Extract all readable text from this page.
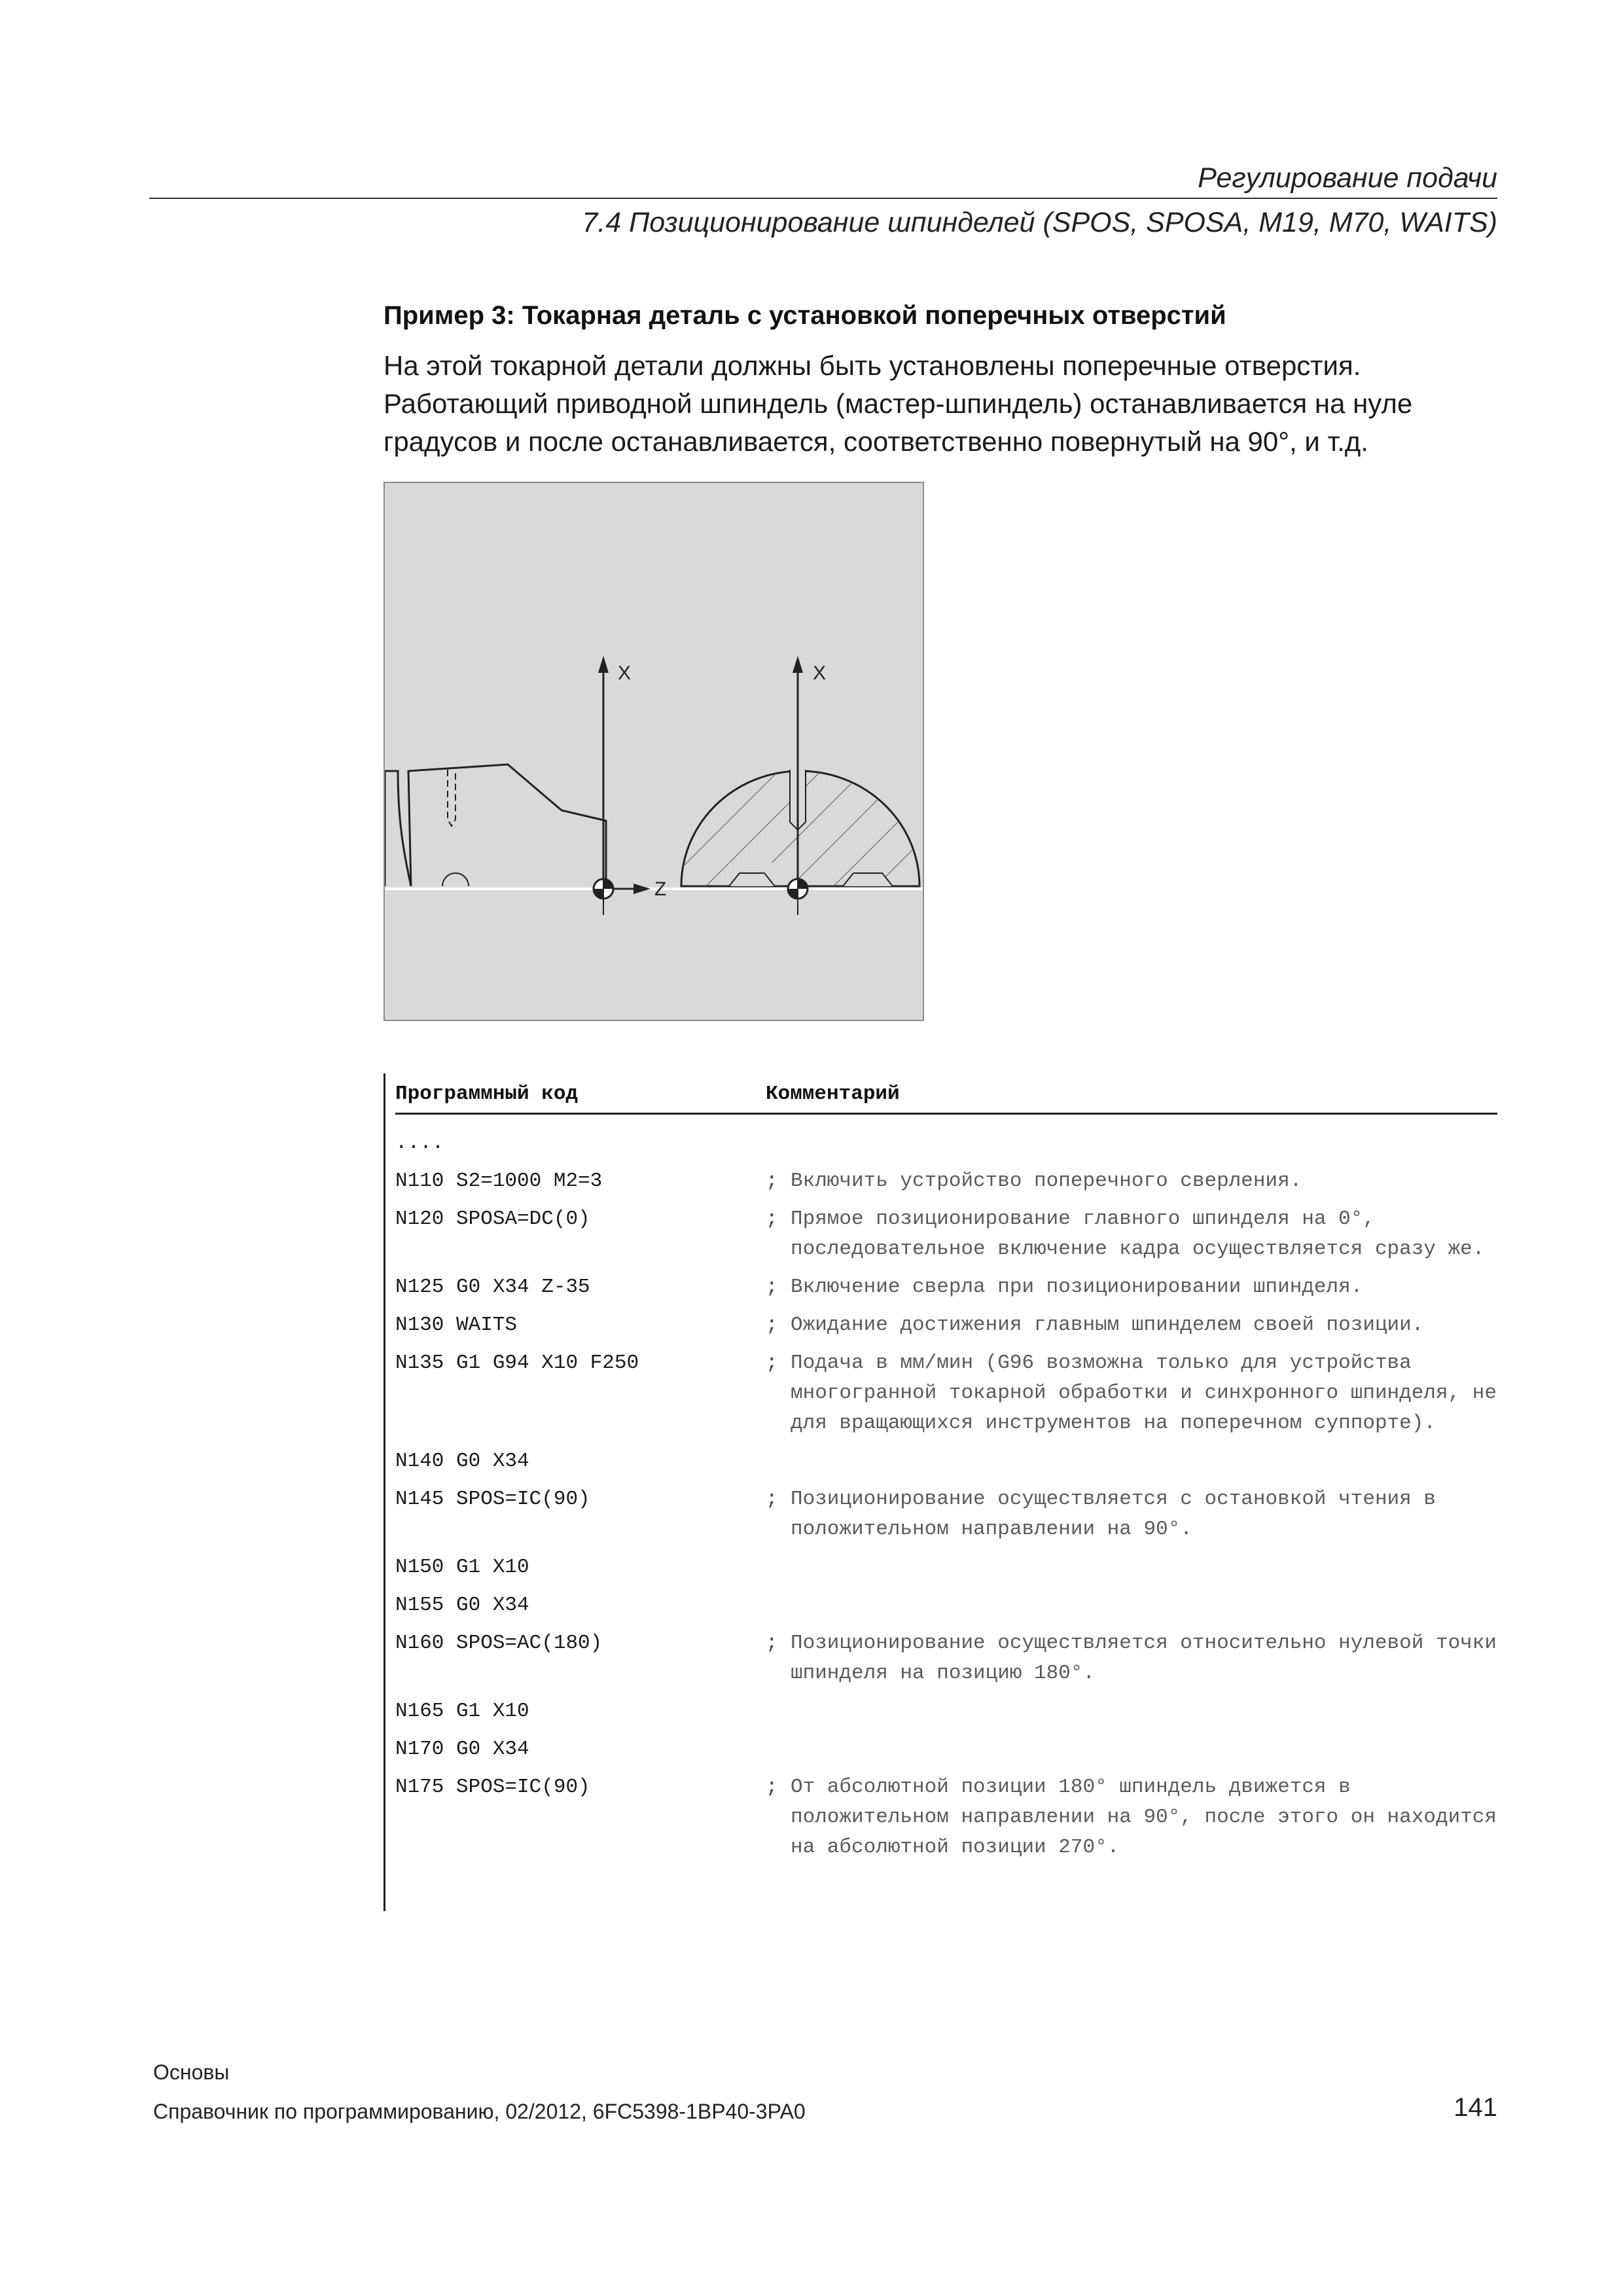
Регулирование подачи
7.4 Позиционирование шпинделей (SPOS, SPOSA, M19, M70, WAITS)
Пример 3: Токарная деталь с установкой поперечных отверстий

На этой токарной детали должны быть установлены поперечные отверстия. Работающий приводной шпиндель (мастер-шпиндель) останавливается на нуле градусов и после останавливается, соответственно повернутый на 90°, и т.д.

X
Z
X
Программный код	Комментарий
....
N110 S2=1000 M2=3	; Включить устройство поперечного сверления.
N120 SPOSA=DC(0)	; Прямое позиционирование главного шпинделя на 0°, последовательное включение кадра осуществляется сразу же.
N125 G0 X34 Z-35	; Включение сверла при позиционировании шпинделя.
N130 WAITS	; Ожидание достижения главным шпинделем своей позиции.
N135 G1 G94 X10 F250	; Подача в мм/мин (G96 возможна только для устройства многогранной токарной обработки и синхронного шпинделя, не для вращающихся инструментов на поперечном суппорте).
N140 G0 X34
N145 SPOS=IC(90)	; Позиционирование осуществляется с остановкой чтения в положительном направлении на 90°.
N150 G1 X10
N155 G0 X34
N160 SPOS=AC(180)	; Позиционирование осуществляется относительно нулевой точки шпинделя на позицию 180°.
N165 G1 X10
N170 G0 X34
N175 SPOS=IC(90)	; От абсолютной позиции 180° шпиндель движется в положительном направлении на 90°, после этого он находится на абсолютной позиции 270°.
Основы
Справочник по программированию, 02/2012, 6FC5398-1BP40-3PA0	141
